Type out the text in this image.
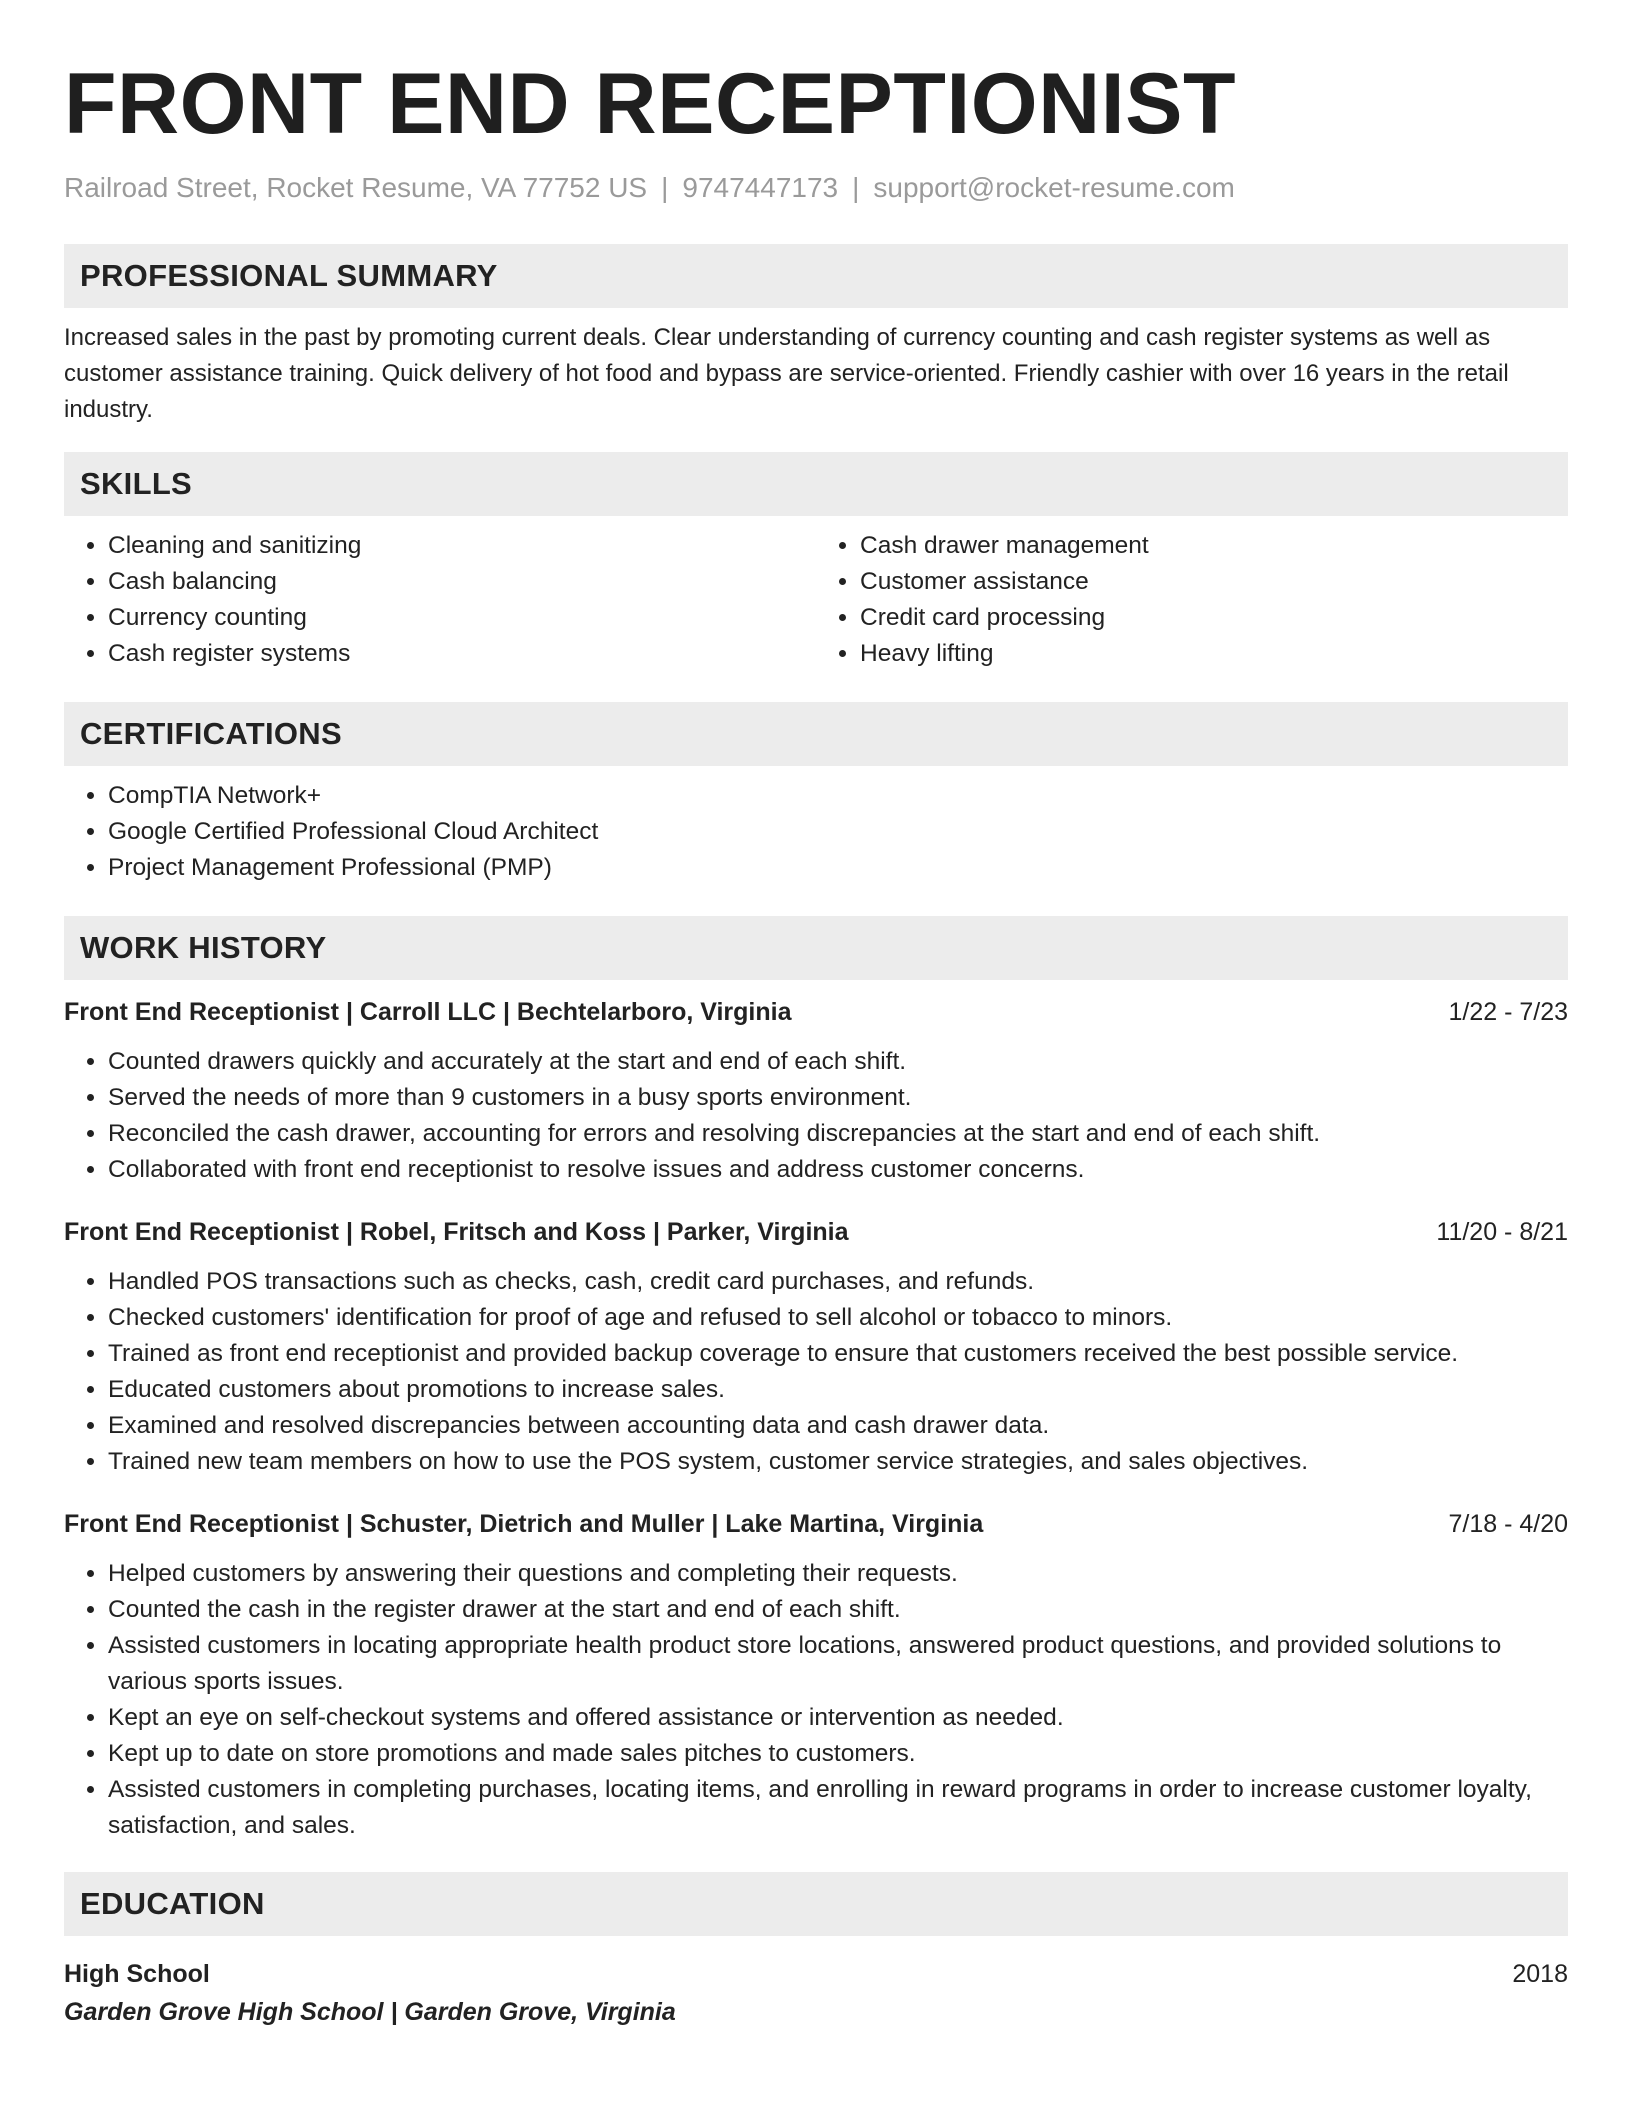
FRONT END RECEPTIONIST
Railroad Street, Rocket Resume, VA 77752 US | 9747447173 | support@rocket-resume.com
PROFESSIONAL SUMMARY

Increased sales in the past by promoting current deals. Clear understanding of currency counting and cash register systems as well as customer assistance training. Quick delivery of hot food and bypass are service-oriented. Friendly cashier with over 16 years in the retail industry.

SKILLS
• Cleaning and sanitizing
• Cash balancing
• Currency counting
• Cash register systems
• Cash drawer management
• Customer assistance
• Credit card processing
• Heavy lifting
CERTIFICATIONS
• CompTIA Network+
• Google Certified Professional Cloud Architect
• Project Management Professional (PMP)
WORK HISTORY
Front End Receptionist | Carroll LLC | Bechtelarboro, Virginia	1/22 - 7/23
• Counted drawers quickly and accurately at the start and end of each shift.
• Served the needs of more than 9 customers in a busy sports environment.
• Reconciled the cash drawer, accounting for errors and resolving discrepancies at the start and end of each shift.
• Collaborated with front end receptionist to resolve issues and address customer concerns.
Front End Receptionist | Robel, Fritsch and Koss | Parker, Virginia	11/20 - 8/21
• Handled POS transactions such as checks, cash, credit card purchases, and refunds.
• Checked customers' identification for proof of age and refused to sell alcohol or tobacco to minors.
• Trained as front end receptionist and provided backup coverage to ensure that customers received the best possible service.
• Educated customers about promotions to increase sales.
• Examined and resolved discrepancies between accounting data and cash drawer data.
• Trained new team members on how to use the POS system, customer service strategies, and sales objectives.
Front End Receptionist | Schuster, Dietrich and Muller | Lake Martina, Virginia	7/18 - 4/20
• Helped customers by answering their questions and completing their requests.
• Counted the cash in the register drawer at the start and end of each shift.
• Assisted customers in locating appropriate health product store locations, answered product questions, and provided solutions to various sports issues.
• Kept an eye on self-checkout systems and offered assistance or intervention as needed.
• Kept up to date on store promotions and made sales pitches to customers.
• Assisted customers in completing purchases, locating items, and enrolling in reward programs in order to increase customer loyalty, satisfaction, and sales.
EDUCATION
High School	2018
Garden Grove High School | Garden Grove, Virginia
